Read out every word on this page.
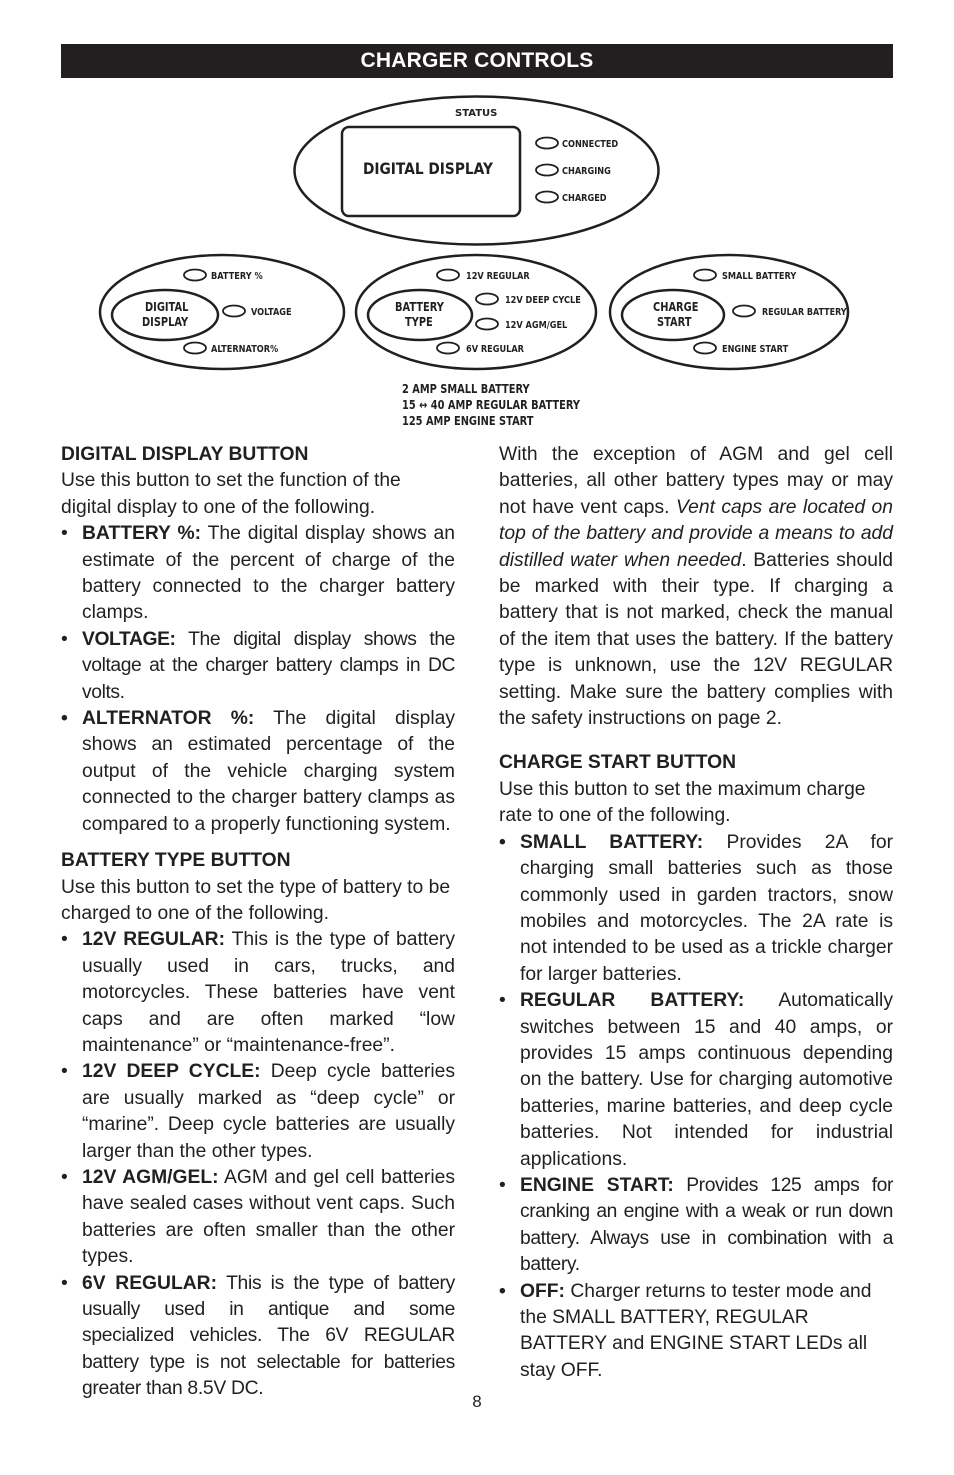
CHARGER CONTROLS
STATUS
DIGITAL DISPLAY
CONNECTED
CHARGING
CHARGED
DIGITAL
DISPLAY
BATTERY %
VOLTAGE
ALTERNATOR%
BATTERY
TYPE
12V REGULAR
12V DEEP CYCLE
12V AGM/GEL
6V REGULAR
CHARGE
START
SMALL BATTERY
REGULAR BATTERY
ENGINE START
2 AMP SMALL BATTERY
15 ↔ 40 AMP REGULAR BATTERY
125 AMP ENGINE START
DIGITAL DISPLAY BUTTON

Use this button to set the function of the digital display to one of the following.

• BATTERY %: The digital display shows an estimate of the percent of charge of the battery connected to the charger battery clamps.
• VOLTAGE: The digital display shows the voltage at the charger battery clamps in DC volts.
• ALTERNATOR %: The digital display shows an estimated percentage of the output of the vehicle charging system connected to the charger battery clamps as compared to a properly functioning system.
BATTERY TYPE BUTTON

Use this button to set the type of battery to be charged to one of the following.

• 12V REGULAR: This is the type of battery usually used in cars, trucks, and motorcycles. These batteries have vent caps and are often marked “low maintenance” or “maintenance-free”.
• 12V DEEP CYCLE: Deep cycle batteries are usually marked as “deep cycle” or “marine”. Deep cycle batteries are usually larger than the other types.
• 12V AGM/GEL: AGM and gel cell batteries have sealed cases without vent caps. Such batteries are often smaller than the other types.
• 6V REGULAR: This is the type of battery usually used in antique and some specialized vehicles. The 6V REGULAR battery type is not selectable for batteries greater than 8.5V DC.

With the exception of AGM and gel cell batteries, all other battery types may or may not have vent caps. Vent caps are located on top of the battery and provide a means to add distilled water when needed. Batteries should be marked with their type. If charging a battery that is not marked, check the manual of the item that uses the battery. If the battery type is unknown, use the 12V REGULAR setting. Make sure the battery complies with the safety instructions on page 2.

CHARGE START BUTTON

Use this button to set the maximum charge rate to one of the following.

• SMALL BATTERY: Provides 2A for charging small batteries such as those commonly used in garden tractors, snow mobiles and motorcycles. The 2A rate is not intended to be used as a trickle charger for larger batteries.
• REGULAR BATTERY: Automatically switches between 15 and 40 amps, or provides 15 amps continuous depending on the battery. Use for charging automotive batteries, marine batteries, and deep cycle batteries. Not intended for industrial applications.
• ENGINE START: Provides 125 amps for cranking an engine with a weak or run down battery. Always use in combination with a battery.
• OFF: Charger returns to tester mode and the SMALL BATTERY, REGULAR BATTERY and ENGINE START LEDs all stay OFF.
8
